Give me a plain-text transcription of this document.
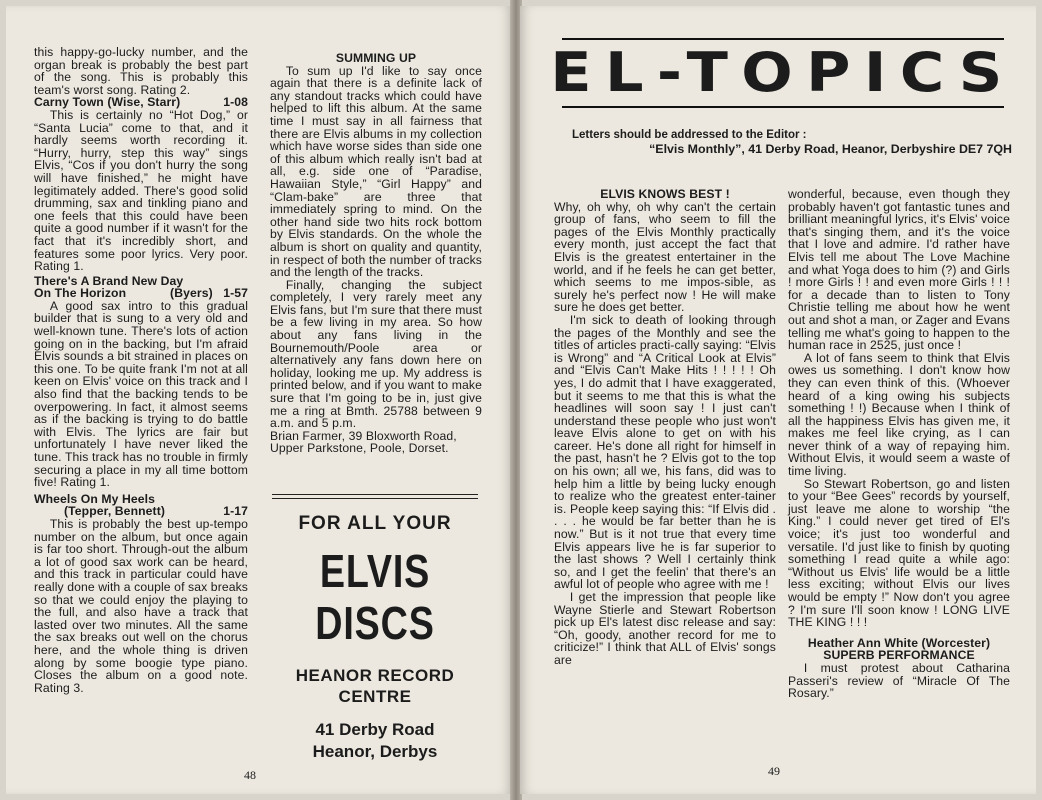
this happy-go-lucky number, and the organ break is probably the best part of the song. This is probably this team's worst song. Rating 2.

Carny Town (Wise, Starr)	1-08

This is certainly no “Hot Dog,” or “Santa Lucia” come to that, and it hardly seems worth recording it. “Hurry, hurry, step this way” sings Elvis, “Cos if you don't hurry the song will have finished,” he might have legitimately added. There's good solid drumming, sax and tinkling piano and one feels that this could have been quite a good number if it wasn't for the fact that it's incredibly short, and features some poor lyrics. Very poor. Rating 1.

There's A Brand New Day
On The Horizon	(Byers) 1-57

A good sax intro to this gradual builder that is sung to a very old and well-known tune. There's lots of action going on in the backing, but I'm afraid Elvis sounds a bit strained in places on this one. To be quite frank I'm not at all keen on Elvis' voice on this track and I also find that the backing tends to be overpowering. In fact, it almost seems as if the backing is trying to do battle with Elvis. The lyrics are fair but unfortunately I have never liked the tune. This track has no trouble in firmly securing a place in my all time bottom five! Rating 1.

Wheels On My Heels
(Tepper, Bennett)	1-17

This is probably the best up-tempo number on the album, but once again is far too short. Through-out the album a lot of good sax work can be heard, and this track in particular could have really done with a couple of sax breaks so that we could enjoy the playing to the full, and also have a track that lasted over two minutes. All the same the sax breaks out well on the chorus here, and the whole thing is driven along by some boogie type piano. Closes the album on a good note. Rating 3.

SUMMING UP

To sum up I'd like to say once again that there is a definite lack of any standout tracks which could have helped to lift this album. At the same time I must say in all fairness that there are Elvis albums in my collection which have worse sides than side one of this album which really isn't bad at all, e.g. side one of “Paradise, Hawaiian Style,” “Girl Happy” and “Clam-bake” are three that immediately spring to mind. On the other hand side two hits rock bottom by Elvis standards. On the whole the album is short on quality and quantity, in respect of both the number of tracks and the length of the tracks.

Finally, changing the subject completely, I very rarely meet any Elvis fans, but I'm sure that there must be a few living in my area. So how about any fans living in the Bournemouth/Poole area or alternatively any fans down here on holiday, looking me up. My address is printed below, and if you want to make sure that I'm going to be in, just give me a ring at Bmth. 25788 between 9 a.m. and 5 p.m.

Brian Farmer, 39 Bloxworth Road,
Upper Parkstone, Poole, Dorset.
FOR ALL YOUR
ELVIS
DISCS
HEANOR RECORD
CENTRE
41 Derby Road
Heanor, Derbys
48
EL-TOPICS
Letters should be addressed to the Editor :
“Elvis Monthly”, 41 Derby Road, Heanor, Derbyshire DE7 7QH
ELVIS KNOWS BEST !

Why, oh why, oh why can't the certain group of fans, who seem to fill the pages of the Elvis Monthly practically every month, just accept the fact that Elvis is the greatest entertainer in the world, and if he feels he can get better, which seems to me impos-sible, as surely he's perfect now ! He will make sure he does get better.

I'm sick to death of looking through the pages of the Monthly and see the titles of articles practi-cally saying: “Elvis is Wrong” and “A Critical Look at Elvis” and “Elvis Can't Make Hits ! ! ! ! ! Oh yes, I do admit that I have exaggerated, but it seems to me that this is what the headlines will soon say ! I just can't understand these people who just won't leave Elvis alone to get on with his career. He's done all right for himself in the past, hasn't he ? Elvis got to the top on his own; all we, his fans, did was to help him a little by being lucky enough to realize who the greatest enter-tainer is. People keep saying this: “If Elvis did . . . . he would be far better than he is now.” But is it not true that every time Elvis appears live he is far superior to the last shows ? Well I certainly think so, and I get the feelin' that there's an awful lot of people who agree with me !

I get the impression that people like Wayne Stierle and Stewart Robertson pick up El's latest disc release and say: “Oh, goody, another record for me to criticize!” I think that ALL of Elvis' songs are

wonderful, because, even though they probably haven't got fantastic tunes and brilliant meaningful lyrics, it's Elvis' voice that's singing them, and it's the voice that I love and admire. I'd rather have Elvis tell me about The Love Machine and what Yoga does to him (?) and Girls ! more Girls ! ! and even more Girls ! ! ! for a decade than to listen to Tony Christie telling me about how he went out and shot a man, or Zager and Evans telling me what's going to happen to the human race in 2525, just once !

A lot of fans seem to think that Elvis owes us something. I don't know how they can even think of this. (Whoever heard of a king owing his subjects something ! !) Because when I think of all the happiness Elvis has given me, it makes me feel like crying, as I can never think of a way of repaying him. Without Elvis, it would seem a waste of time living.

So Stewart Robertson, go and listen to your “Bee Gees” records by yourself, just leave me alone to worship “the King.” I could never get tired of El's voice; it's just too wonderful and versatile. I'd just like to finish by quoting something I read quite a while ago: “Without us Elvis' life would be a little less exciting; without Elvis our lives would be empty !” Now don't you agree ? I'm sure I'll soon know ! LONG LIVE THE KING ! ! !

Heather Ann White (Worcester)
SUPERB PERFORMANCE

I must protest about Catharina Passeri's review of “Miracle Of The Rosary.”

49
